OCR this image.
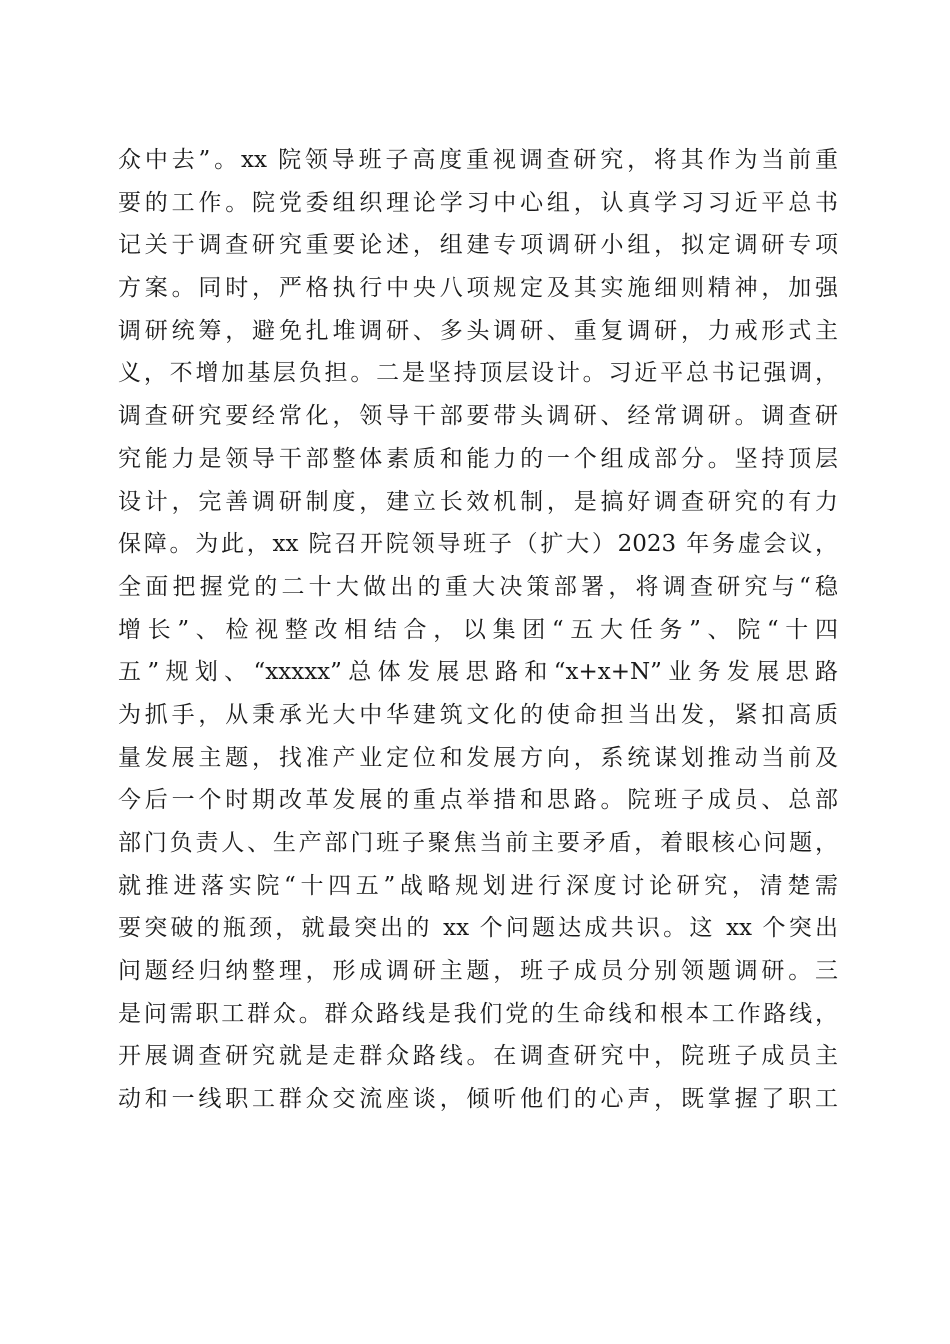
众中去”。xx 院领导班子高度重视调查研究，将其作为当前重
要的工作。院党委组织理论学习中心组，认真学习习近平总书
记关于调查研究重要论述，组建专项调研小组，拟定调研专项
方案。同时，严格执行中央八项规定及其实施细则精神，加强
调研统筹，避免扎堆调研、多头调研、重复调研，力戒形式主
义，不增加基层负担。二是坚持顶层设计。习近平总书记强调，
调查研究要经常化，领导干部要带头调研、经常调研。调查研
究能力是领导干部整体素质和能力的一个组成部分。坚持顶层
设计，完善调研制度，建立长效机制，是搞好调查研究的有力
保障。为此，xx 院召开院领导班子（扩大）2023 年务虚会议，
全面把握党的二十大做出的重大决策部署，将调查研究与“稳
增长”、检视整改相结合，以集团“五大任务”、院“十四
五”规划、“xxxxx”总体发展思路和“x+x+N”业务发展思路
为抓手，从秉承光大中华建筑文化的使命担当出发，紧扣高质
量发展主题，找准产业定位和发展方向，系统谋划推动当前及
今后一个时期改革发展的重点举措和思路。院班子成员、总部
部门负责人、生产部门班子聚焦当前主要矛盾，着眼核心问题，
就推进落实院“十四五”战略规划进行深度讨论研究，清楚需
要突破的瓶颈，就最突出的 xx 个问题达成共识。这 xx 个突出
问题经归纳整理，形成调研主题，班子成员分别领题调研。三
是问需职工群众。群众路线是我们党的生命线和根本工作路线，
开展调查研究就是走群众路线。在调查研究中，院班子成员主
动和一线职工群众交流座谈，倾听他们的心声，既掌握了职工
